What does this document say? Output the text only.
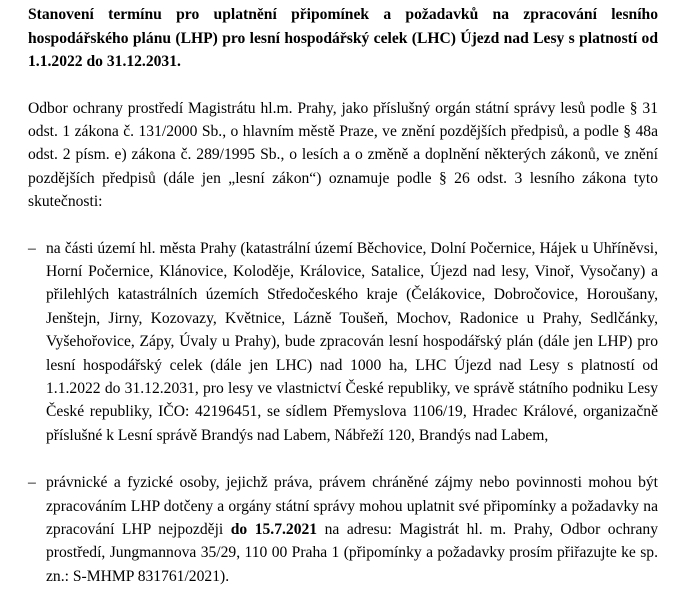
Stanovení termínu pro uplatnění připomínek a požadavků na zpracování lesního hospodářského plánu (LHP) pro lesní hospodářský celek (LHC) Újezd nad Lesy s platností od 1.1.2022 do 31.12.2031.

Odbor ochrany prostředí Magistrátu hl.m. Prahy, jako příslušný orgán státní správy lesů podle § 31 odst. 1 zákona č. 131/2000 Sb., o hlavním městě Praze, ve znění pozdějších předpisů, a podle § 48a odst. 2 písm. e) zákona č. 289/1995 Sb., o lesích a o změně a doplnění některých zákonů, ve znění pozdějších předpisů (dále jen „lesní zákon“) oznamuje podle § 26 odst. 3 lesního zákona tyto skutečnosti:

– na části území hl. města Prahy (katastrální území Běchovice, Dolní Počernice, Hájek u Uhříněvsi, Horní Počernice, Klánovice, Koloděje, Královice, Satalice, Újezd nad lesy, Vinoř, Vysočany) a přilehlých katastrálních územích Středočeského kraje (Čelákovice, Dobročovice, Horoušany, Jenštejn, Jirny, Kozovazy, Květnice, Lázně Toušeň, Mochov, Radonice u Prahy, Sedlčánky, Vyšehořovice, Zápy, Úvaly u Prahy), bude zpracován lesní hospodářský plán (dále jen LHP) pro lesní hospodářský celek (dále jen LHC) nad 1000 ha, LHC Újezd nad Lesy s platností od 1.1.2022 do 31.12.2031, pro lesy ve vlastnictví České republiky, ve správě státního podniku Lesy České republiky, IČO: 42196451, se sídlem Přemyslova 1106/19, Hradec Králové, organizačně příslušné k Lesní správě Brandýs nad Labem, Nábřeží 120, Brandýs nad Labem,
– právnické a fyzické osoby, jejichž práva, právem chráněné zájmy nebo povinnosti mohou být zpracováním LHP dotčeny a orgány státní správy mohou uplatnit své připomínky a požadavky na zpracování LHP nejpozději do 15.7.2021 na adresu: Magistrát hl. m. Prahy, Odbor ochrany prostředí, Jungmannova 35/29, 110 00 Praha 1 (připomínky a požadavky prosím přiřazujte ke sp. zn.: S-MHMP 831761/2021).
